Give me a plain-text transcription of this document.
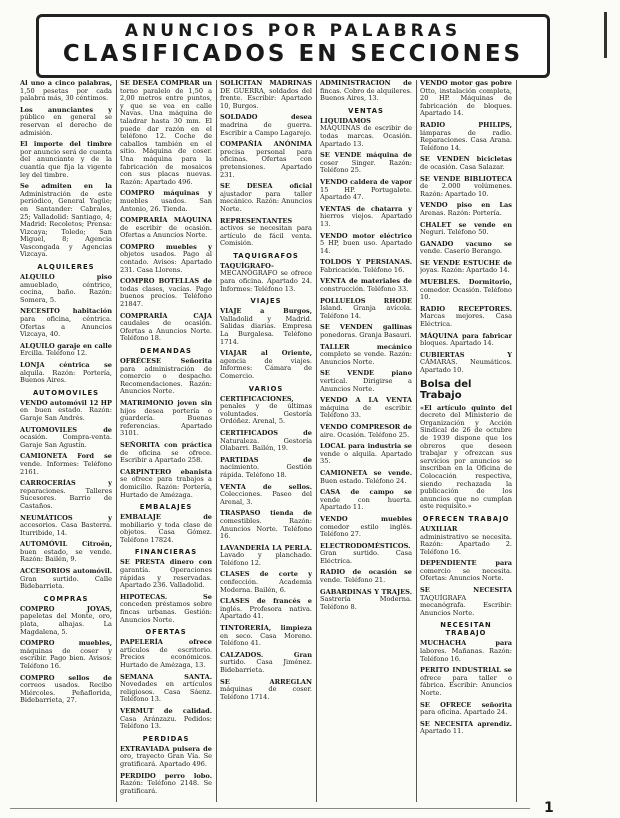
ANUNCIOS POR PALABRAS
CLASIFICADOS EN SECCIONES
Al uno a cinco palabras, 1,50 pesetas por cada palabra más, 30 céntimos.
Los anunciantes y público en general se reservan el derecho de admisión.
El importe del timbre por anuncio será de cuenta del anunciante y de la cuantía que fija la vigente ley del timbre.
Se admiten en la Administración de este periódico, General Yagüe; en Santander: Cabrales, 25; Valladolid: Santiago, 4; Madrid: Recoletos; Prensa: Vizcaya; Toledo; San Miguel, 8; Agencia Vascongada y Agencias Vizcaya.
ALQUILERES
ALQUILO piso amueblado, céntrico, cocina, baño. Razón: Somera, 5.
NECESITO habitación para oficina, céntrica. Ofertas a Anuncios Vizcaya, 40.
ALQUILO garaje en calle Ercilla. Teléfono 12.
LONJA céntrica se alquila. Razón: Portería, Buenos Aires.
AUTOMOVILES
VENDO automóvil 12 HP en buen estado. Razón: Garaje San Andrés.
AUTOMOVILES de ocasión. Compra-venta. Garaje San Agustín.
CAMIONETA Ford se vende. Informes: Teléfono 2161.
CARROCERÍAS y reparaciones. Talleres Sucesores. Barrio de Castaños.
NEUMÁTICOS y accesorios. Casa Basterra. Iturribide, 14.
AUTOMÓVIL Citroën, buen estado, se vende. Razón: Bailén, 9.
ACCESORIOS automóvil. Gran surtido. Calle Bidebarrieta.
COMPRAS
COMPRO JOYAS, papeletas del Monte, oro, plata, alhajas. La Magdalena, 5.
COMPRO muebles, máquinas de coser y escribir. Pago bien. Avisos: Teléfono 16.
COMPRO sellos de correos usados. Recibo Miércoles. Peñaflorida, Bidebarrieta, 27.
SE DESEA COMPRAR un torno paralelo de 1,50 a 2,00 metros entre puntos, y que se vea en calle Navas. Una máquina de taladrar hasta 30 mm. El puede dar razón en el teléfono 12. Coche de caballos también en el sitio. Máquina de coser. Una máquina para la fabricación de mosaicos con sus placas nuevas. Razón: Apartado 496.
COMPRO máquinas y muebles usados. San Antonio, 26. Tienda.
COMPRARÍA MÁQUINA de escribir de ocasión. Ofertas a Anuncios Norte.
COMPRO muebles y objetos usados. Pago al contado. Avisos: Apartado 231. Casa Llorens.
COMPRO BOTELLAS de todas clases, vacías. Pago buenos precios. Teléfono 21847.
COMPRARÍA CAJA caudales de ocasión. Ofertas a Anuncios Norte. Teléfono 18.
DEMANDAS
OFRÉCESE Señorita para administración de comercio o despacho. Recomendaciones. Razón: Anuncios Norte.
MATRIMONIO joven sin hijos desea portería o guardería. Buenas referencias. Apartado 3101.
SEÑORITA con práctica de oficina se ofrece. Escribir a Apartado 258.
CARPINTERO ebanista se ofrece para trabajos a domicilio. Razón: Portería, Hurtado de Amézaga.
EMBALAJES
EMBALAJE de mobiliario y toda clase de objetos. Casa Gómez. Teléfono 17824.
FINANCIERAS
SE PRESTA dinero con garantía. Operaciones rápidas y reservadas. Apartado 236. Valladolid.
HIPOTECAS. Se conceden préstamos sobre fincas urbanas. Gestión: Anuncios Norte.
OFERTAS
PAPELERÍA ofrece artículos de escritorio. Precios económicos. Hurtado de Amézaga, 13.
SEMANA SANTA. Novedades en artículos religiosos. Casa Sáenz. Teléfono 13.
VERMUT de calidad. Casa Aránzazu. Pedidos: Teléfono 13.
PERDIDAS
EXTRAVIADA pulsera de oro, trayecto Gran Vía. Se gratificará. Apartado 496.
PERDIDO perro lobo. Razón: Teléfono 2148. Se gratificará.
SOLICITAN MADRINAS DE GUERRA, soldados del frente. Escribir: Apartado 10, Burgos.
SOLDADO desea madrina de guerra. Escribir a Campo Lagarejo.
COMPAÑÍA ANÓNIMA precisa personal para oficinas. Ofertas con pretensiones. Apartado 231.
SE DESEA oficial ajustador para taller mecánico. Razón: Anuncios Norte.
REPRESENTANTES activos se necesitan para artículo de fácil venta. Comisión.
TAQUIGRAFOS
TAQUÍGRAFO-MECANÓGRAFO se ofrece para oficina. Apartado 24. Informes: Teléfono 13.
VIAJES
VIAJE a Burgos, Valladolid y Madrid. Salidas diarias. Empresa La Burgalesa. Teléfono 1714.
VIAJAR al Oriente, agencia de viajes. Informes: Cámara de Comercio.
VARIOS
CERTIFICACIONES, penales y de últimas voluntades. Gestoría Ordóñez. Arenal, 5.
CERTIFICADOS de Naturaleza. Gestoría Olabarri. Bailén, 19.
PARTIDAS de nacimiento. Gestión rápida. Teléfono 18.
VENTA de sellos. Colecciones. Paseo del Arenal, 3.
TRASPASO tienda de comestibles. Razón: Anuncios Norte. Teléfono 16.
LAVANDERÍA LA PERLA. Lavado y planchado. Teléfono 12.
CLASES de corte y confección. Academia Moderna. Bailén, 6.
CLASES de francés e inglés. Profesora nativa. Apartado 41.
TINTORERÍA, limpieza en seco. Casa Moreno. Teléfono 41.
CALZADOS. Gran surtido. Casa Jiménez. Bidebarrieta.
SE ARREGLAN máquinas de coser. Teléfono 1714.
ADMINISTRACIÓN de fincas. Cobro de alquileres. Buenos Aires, 13.
VENTAS
LIQUIDAMOS MÁQUINAS de escribir de todas marcas. Ocasión. Apartado 13.
SE VENDE máquina de coser Singer. Razón: Teléfono 25.
VENDO caldera de vapor 15 HP. Portugalete. Apartado 47.
VENTAS de chatarra y hierros viejos. Apartado 13.
VENDO motor eléctrico 5 HP, buen uso. Apartado 14.
TOLDOS Y PERSIANAS. Fabricación. Teléfono 16.
VENTA de materiales de construcción. Teléfono 33.
POLLUELOS RHODE Island. Granja avícola. Teléfono 14.
SE VENDEN gallinas ponedoras. Granja Basauri.
TALLER mecánico completo se vende. Razón: Anuncios Norte.
SE VENDE piano vertical. Dirigirse a Anuncios Norte.
VENDO A LA VENTA máquina de escribir. Teléfono 33.
VENDO COMPRESOR de aire. Ocasión. Teléfono 25.
LOCAL para industria se vende o alquila. Apartado 35.
CAMIONETA se vende. Buen estado. Teléfono 24.
CASA de campo se vende con huerta. Apartado 11.
VENDO muebles comedor estilo inglés. Teléfono 27.
ELECTRODOMÉSTICOS. Gran surtido. Casa Eléctrica.
RADIO de ocasión se vende. Teléfono 21.
GABARDINAS Y TRAJES. Sastrería Moderna. Teléfono 8.
VENDO motor gas pobre Otto, instalación completa, 20 HP. Máquinas de fabricación de bloques. Apartado 14.
RADIO PHILIPS, lámparas de radio. Reparaciones. Casa Arana. Teléfono 14.
SE VENDEN bicicletas de ocasión. Casa Salazar.
SE VENDE BIBLIOTECA de 2.000 volúmenes. Razón: Apartado 10.
VENDO piso en Las Arenas. Razón: Portería.
CHALET se vende en Neguri. Teléfono 50.
GANADO vacuno se vende. Caserío Berango.
SE VENDE ESTUCHE de joyas. Razón: Apartado 14.
MUEBLES. Dormitorio, comedor. Ocasión. Teléfono 10.
RADIO RECEPTORES. Marcas mejores. Casa Eléctrica.
MÁQUINA para fabricar bloques. Apartado 14.
CUBIERTAS Y CÁMARAS. Neumáticos. Apartado 10.
Bolsa del Trabajo
«El artículo quinto del decreto del Ministerio de Organización y Acción Sindical de 26 de octubre de 1939 dispone que los obreros que deseen trabajar y ofrezcan sus servicios por anuncios se inscriban en la Oficina de Colocación respectiva, siendo rechazada la publicación de los anuncios que no cumplan este requisito.»
OFRECEN TRABAJO
AUXILIAR administrativo se necesita. Razón: Apartado 2. Teléfono 16.
DEPENDIENTE para comercio se necesita. Ofertas: Anuncios Norte.
SE NECESITA TAQUÍGRAFA mecanógrafa. Escribir: Anuncios Norte.
NECESITAN TRABAJO
MUCHACHA para labores. Mañanas. Razón: Teléfono 16.
PERITO INDUSTRIAL se ofrece para taller o fábrica. Escribir: Anuncios Norte.
SE OFRECE señorita para oficina. Apartado 24.
SE NECESITA aprendiz. Apartado 11.
1
